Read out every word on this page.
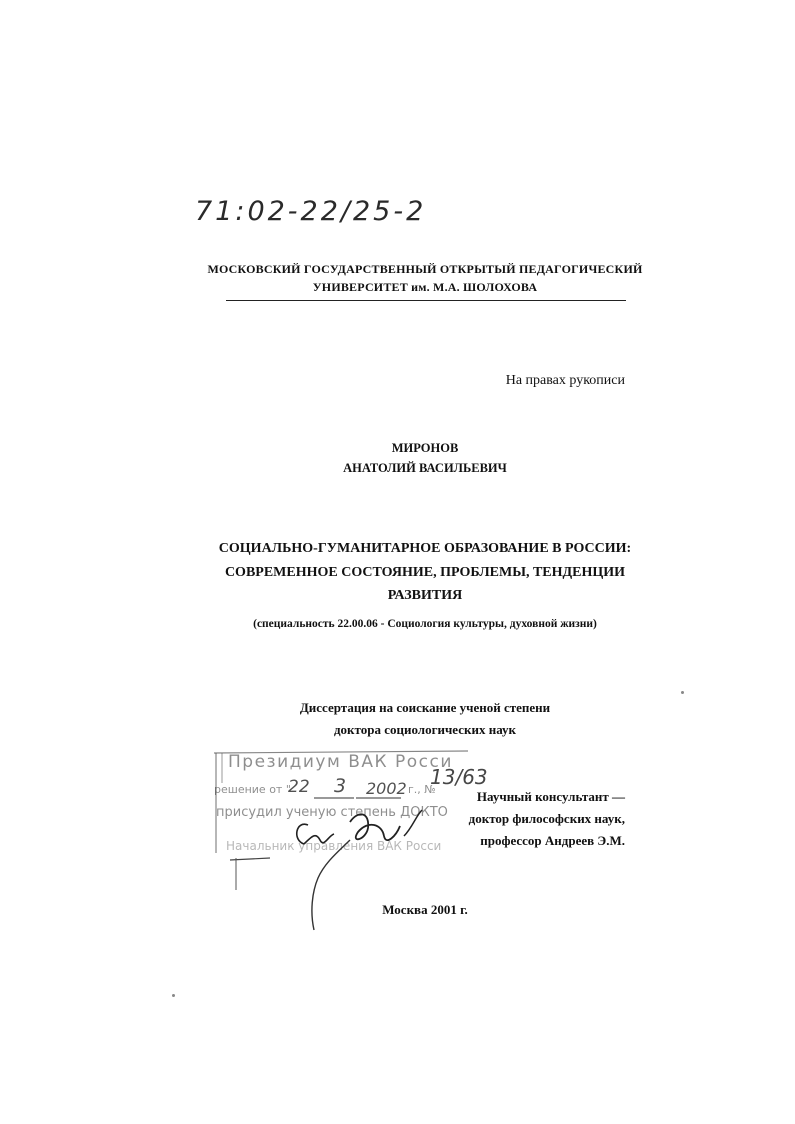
71:02-22/25-2
МОСКОВСКИЙ ГОСУДАРСТВЕННЫЙ ОТКРЫТЫЙ ПЕДАГОГИЧЕСКИЙ
УНИВЕРСИТЕТ им. М.А. ШОЛОХОВА
На правах рукописи
МИРОНОВ
АНАТОЛИЙ ВАСИЛЬЕВИЧ
СОЦИАЛЬНО-ГУМАНИТАРНОЕ ОБРАЗОВАНИЕ В РОССИИ:
СОВРЕМЕННОЕ СОСТОЯНИЕ, ПРОБЛЕМЫ, ТЕНДЕНЦИИ
РАЗВИТИЯ
(специальность 22.00.06 - Социология культуры, духовной жизни)
Диссертация на соискание ученой степени
доктора социологических наук
Президиум ВАК Росси
решение от "
22 3 2002 г., №
13/63
присудил ученую степень ДОКТО
Начальник управления ВАК Росси
Научный консультант —
доктор философских наук,
профессор Андреев Э.М.
Москва 2001 г.
